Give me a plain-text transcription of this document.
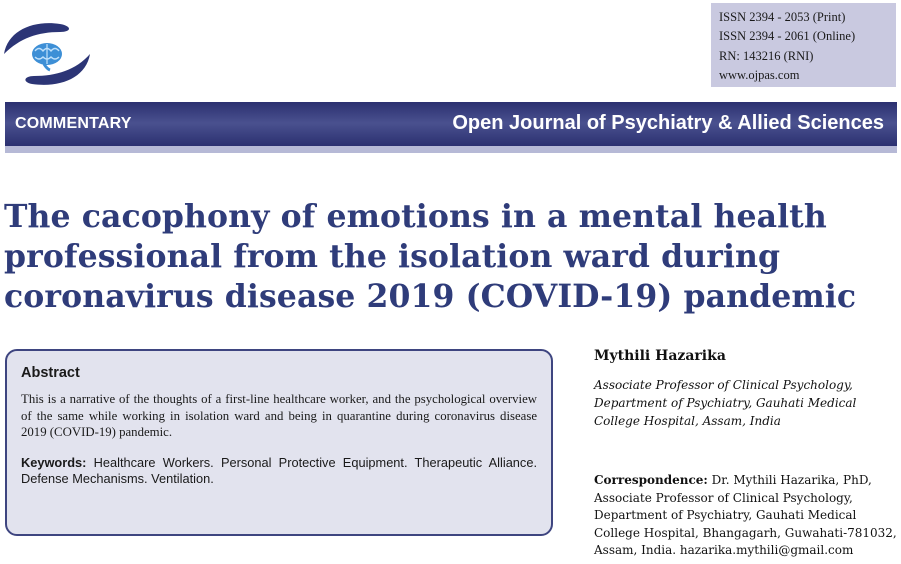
ISSN 2394 - 2053 (Print)
ISSN 2394 - 2061 (Online)
RN: 143216 (RNI)
www.ojpas.com
COMMENTARY	Open Journal of Psychiatry & Allied Sciences
The cacophony of emotions in a mental health professional from the isolation ward during coronavirus disease 2019 (COVID-19) pandemic
Abstract

This is a narrative of the thoughts of a first-line healthcare worker, and the psychological overview of the same while working in isolation ward and being in quarantine during coronavirus disease 2019 (COVID-19) pandemic.

Keywords: Healthcare Workers. Personal Protective Equipment. Therapeutic Alliance. Defense Mechanisms. Ventilation.
Mythili Hazarika
Associate Professor of Clinical Psychology,
Department of Psychiatry, Gauhati Medical
College Hospital, Assam, India
Correspondence: Dr. Mythili Hazarika, PhD,
Associate Professor of Clinical Psychology,
Department of Psychiatry, Gauhati Medical
College Hospital, Bhangagarh, Guwahati-781032,
Assam, India. hazarika.mythili@gmail.com
